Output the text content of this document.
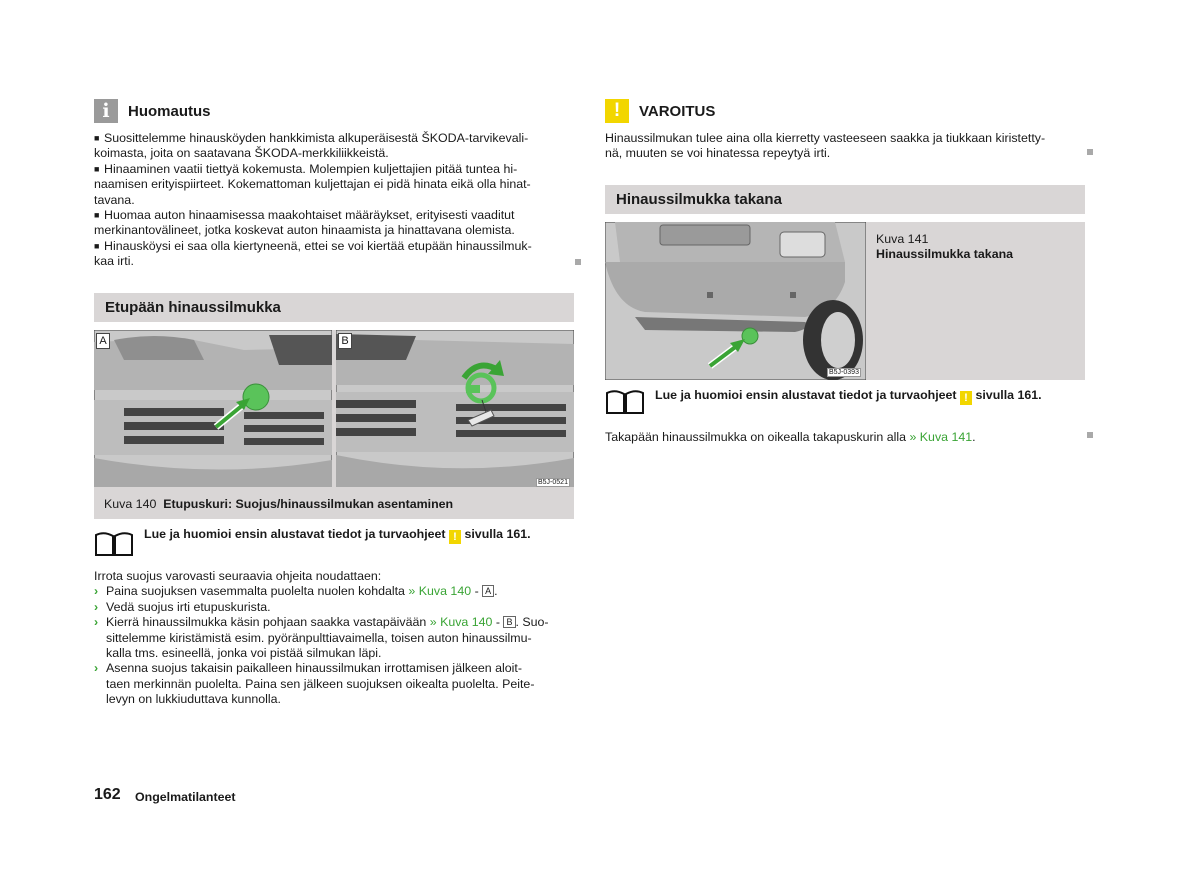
i	Huomautus
■ Suosittelemme hinausköyden hankkimista alkuperäisestä ŠKODA-tarvikevali-
koimasta, joita on saatavana ŠKODA-merkkiliikkeistä.
■ Hinaaminen vaatii tiettyä kokemusta. Molempien kuljettajien pitää tuntea hi-
naamisen erityispiirteet. Kokemattoman kuljettajan ei pidä hinata eikä olla hinat-
tavana.
■ Huomaa auton hinaamisessa maakohtaiset määräykset, erityisesti vaaditut
merkinantovälineet, jotka koskevat auton hinaamista ja hinattavana olemista.
■ Hinausköysi ei saa olla kiertyneenä, ettei se voi kiertää etupään hinaussilmuk-
kaa irti.
Etupään hinaussilmukka
A	B
B5J-0521
Kuva 140 Etupuskuri: Suojus/hinaussilmukan asentaminen
Lue ja huomioi ensin alustavat tiedot ja turvaohjeet ! sivulla 161.
Irrota suojus varovasti seuraavia ohjeita noudattaen:
› Paina suojuksen vasemmalta puolelta nuolen kohdalta » Kuva 140 - A .
› Vedä suojus irti etupuskurista.
› Kierrä hinaussilmukka käsin pohjaan saakka vastapäivään » Kuva 140 - B . Suo-
sittelemme kiristämistä esim. pyöränpulttiavaimella, toisen auton hinaussilmu-
kalla tms. esineellä, jonka voi pistää silmukan läpi.
› Asenna suojus takaisin paikalleen hinaussilmukan irrottamisen jälkeen aloit-
taen merkinnän puolelta. Paina sen jälkeen suojuksen oikealta puolelta. Peite-
levyn on lukkiuduttava kunnolla.
162 Ongelmatilanteet
!	VAROITUS
Hinaussilmukan tulee aina olla kierretty vasteeseen saakka ja tiukkaan kiristetty-
nä, muuten se voi hinatessa repeytyä irti.
Hinaussilmukka takana
B5J-0393
Kuva 141
Hinaussilmukka takana
Lue ja huomioi ensin alustavat tiedot ja turvaohjeet ! sivulla 161.
Takapään hinaussilmukka on oikealla takapuskurin alla » Kuva 141.
